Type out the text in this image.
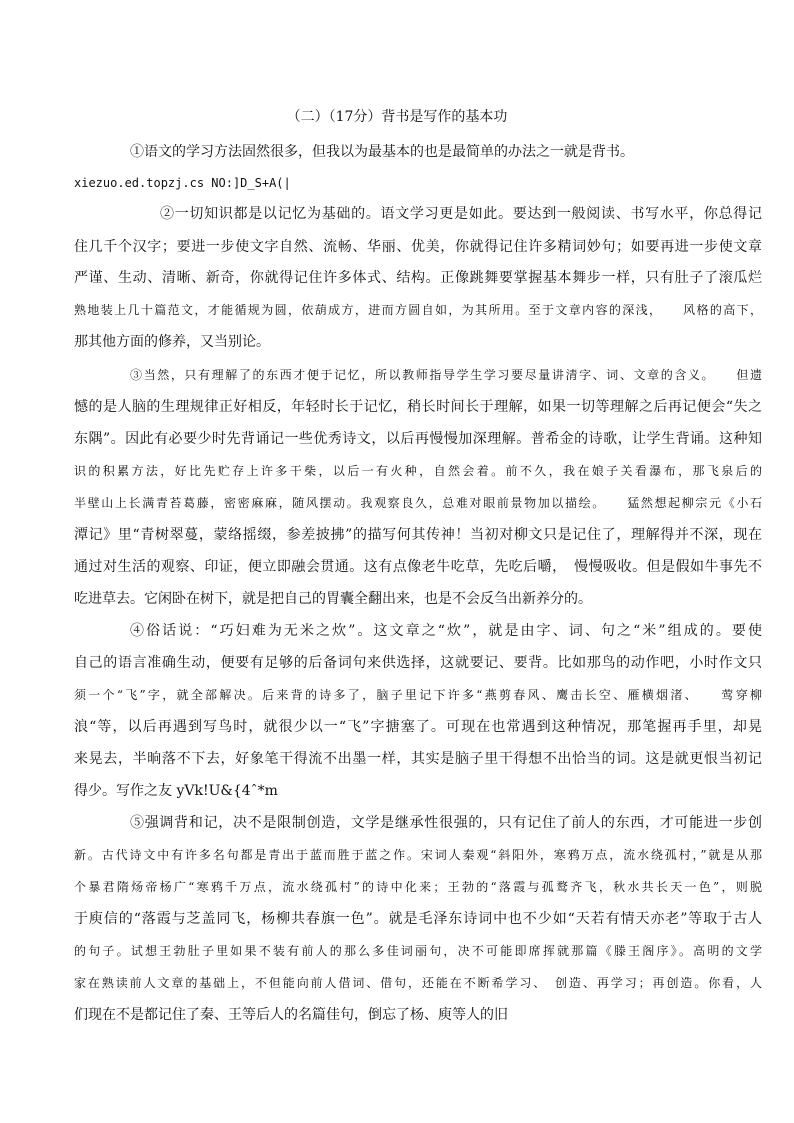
（二）（17分）背书是写作的基本功
①语文的学习方法固然很多，但我以为最基本的也是最简单的办法之一就是背书。
xiezuo.ed.topzj.cs NO:]D_S+A(|
②一切知识都是以记忆为基础的。语文学习更是如此。要达到一般阅读、书写水平，你总得记
住几千个汉字；要进一步使文字自然、流畅、华丽、优美，你就得记住许多精词妙句；如要再进一步使文章
严谨、生动、清晰、新奇，你就得记住许多体式、结构。正像跳舞要掌握基本舞步一样，只有肚子了滚瓜烂
熟地装上几十篇范文，才能循规为圆，依葫成方，进而方圆自如，为其所用。至于文章内容的深浅，　　风格的高下，
那其他方面的修养，又当别论。
③当然，只有理解了的东西才便于记忆，所以教师指导学生学习要尽量讲清字、词、文章的含义。　　但遗
憾的是人脑的生理规律正好相反，年轻时长于记忆，稍长时间长于理解，如果一切等理解之后再记便会“失之
东隅”。因此有必要少时先背诵记一些优秀诗文，以后再慢慢加深理解。普希金的诗歌，让学生背诵。这种知
识的积累方法，好比先贮存上许多干柴，以后一有火种，自然会着。前不久，我在娘子关看瀑布，那飞泉后的
半壁山上长满青苔葛藤，密密麻麻，随风摆动。我观察良久，总难对眼前景物加以描绘。　　猛然想起柳宗元《小石
潭记》里“青树翠蔓，蒙络摇缀，参差披拂”的描写何其传神！当初对柳文只是记住了，理解得并不深，现在
通过对生活的观察、印证，便立即融会贯通。这有点像老牛吃草，先吃后嚼，　慢慢吸收。但是假如牛事先不
吃进草去。它闲卧在树下，就是把自己的胃囊全翻出来，也是不会反刍出新养分的。
④俗话说：“巧妇难为无米之炊”。这文章之“炊”，就是由字、词、句之“米”组成的。要使
自己的语言准确生动，便要有足够的后备词句来供选择，这就要记、要背。比如那鸟的动作吧，小时作文只
须一个“飞”字，就全部解决。后来背的诗多了，脑子里记下许多“燕剪春风、鹰击长空、雁横烟渚、　　莺穿柳
浪“等，以后再遇到写鸟时，就很少以一“飞”字搪塞了。可现在也常遇到这种情况，那笔握再手里，却晃
来晃去，半晌落不下去，好象笔干得流不出墨一样，其实是脑子里干得想不出恰当的词。这是就更恨当初记
得少。写作之友 yVk!U&{4ˆ*m
⑤强调背和记，决不是限制创造，文学是继承性很强的，只有记住了前人的东西，才可能进一步创
新。古代诗文中有许多名句都是青出于蓝而胜于蓝之作。宋词人秦观“斜阳外，寒鸦万点，流水绕孤村，”就是从那
个暴君隋炀帝杨广“寒鸦千万点，流水绕孤村”的诗中化来；王勃的“落霞与孤鹜齐飞，秋水共长天一色”，则脱
于庾信的“落霞与芝盖同飞，杨柳共春旗一色”。就是毛泽东诗词中也不少如“天若有情天亦老”等取于古人
的句子。试想王勃肚子里如果不装有前人的那么多佳词丽句，决不可能即席挥就那篇《滕王阁序》。高明的文学
家在熟读前人文章的基础上，不但能向前人借词、借句，还能在不断希学习、　创造、再学习；再创造。你看，人
们现在不是都记住了秦、王等后人的名篇佳句，倒忘了杨、庾等人的旧
